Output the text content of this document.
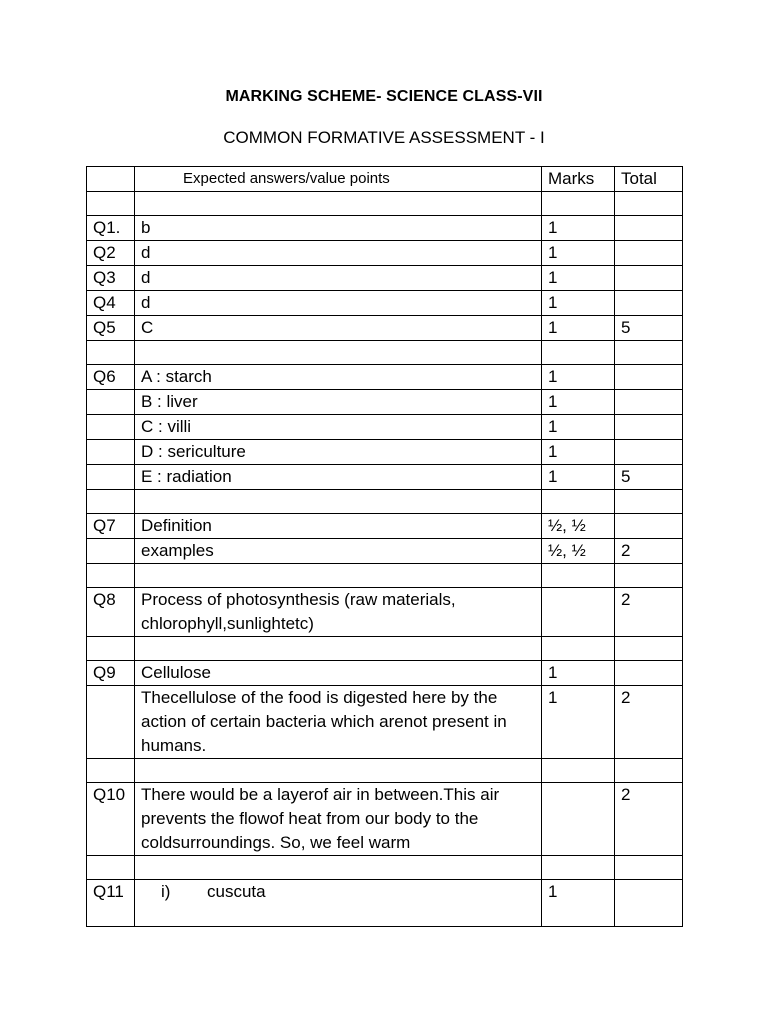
MARKING SCHEME- SCIENCE CLASS-VII
COMMON FORMATIVE ASSESSMENT - I
	Expected answers/value points	Marks	Total

Q1.	b	1	
Q2	d	1	
Q3	d	1	
Q4	d	1	
Q5	C	1	5

Q6	A : starch	1	
	B : liver	1	
	C : villi	1	
	D : sericulture	1	
	E : radiation	1	5

Q7	Definition	½, ½	
	examples	½, ½	2

Q8	Process of photosynthesis (raw materials, chlorophyll,sunlightetc)		2

Q9	Cellulose	1	
	Thecellulose of the food is digested here by the action of certain bacteria which arenot present in humans.	1	2

Q10	There would be a layerof air in between.This air prevents the flowof heat from our body to the coldsurroundings. So, we feel warm		2

Q11	i) cuscuta	1	
